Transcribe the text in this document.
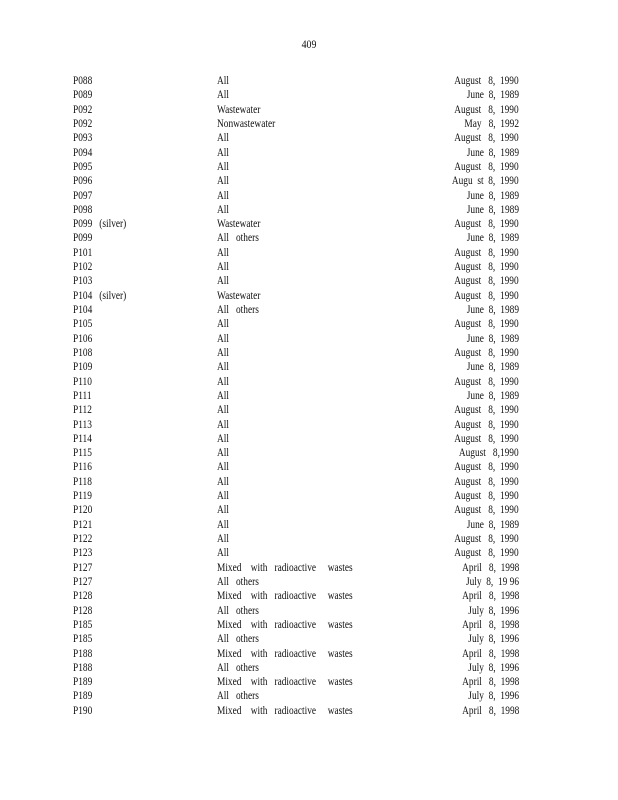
409
P088	All	August   8,  1990
P089	All	June  8,  1989
P092	Wastewater	August   8,  1990
P092	Nonwastewater	May   8,  1992
P093	All	August   8,  1990
P094	All	June  8,  1989
P095	All	August   8,  1990
P096	All	Augu  st  8,  1990
P097	All	June  8,  1989
P098	All	June  8,  1989
P099   (silver)	Wastewater	August   8,  1990
P099	All   others	June  8,  1989
P101	All	August   8,  1990
P102	All	August   8,  1990
P103	All	August   8,  1990
P104   (silver)	Wastewater	August   8,  1990
P104	All   others	June  8,  1989
P105	All	August   8,  1990
P106	All	June  8,  1989
P108	All	August   8,  1990
P109	All	June  8,  1989
P110	All	August   8,  1990
P111	All	June  8,  1989
P112	All	August   8,  1990
P113	All	August   8,  1990
P114	All	August   8,  1990
P115	All	August   8,1990
P116	All	August   8,  1990
P118	All	August   8,  1990
P119	All	August   8,  1990
P120	All	August   8,  1990
P121	All	June  8,  1989
P122	All	August   8,  1990
P123	All	August   8,  1990
P127	Mixed    with   radioactive     wastes	April   8,  1998
P127	All   others	July  8,  19 96
P128	Mixed    with   radioactive     wastes	April   8,  1998
P128	All   others	July  8,  1996
P185	Mixed    with   radioactive     wastes	April   8,  1998
P185	All   others	July  8,  1996
P188	Mixed    with   radioactive     wastes	April   8,  1998
P188	All   others	July  8,  1996
P189	Mixed    with   radioactive     wastes	April   8,  1998
P189	All   others	July  8,  1996
P190	Mixed    with   radioactive     wastes	April   8,  1998
